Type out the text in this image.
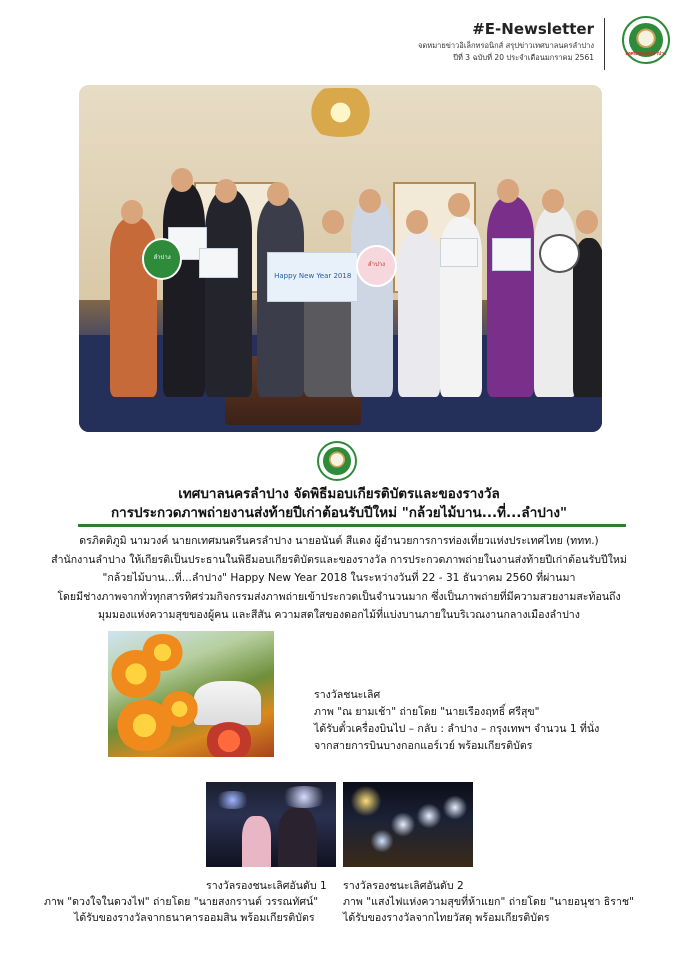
#E-Newsletter
จดหมายข่าวอิเล็กทรอนิกส์ สรุปข่าวเทศบาลนครลำปาง
ปีที่ 3 ฉบับที่ 20 ประจำเดือนมกราคม 2561	เทศบาลนครลำปาง
Happy New Year 2018
ลำปาง
ลำปาง
เทศบาลนครลำปาง จัดพิธีมอบเกียรติบัตรและของรางวัล
การประกวดภาพถ่ายงานส่งท้ายปีเก่าต้อนรับปีใหม่ "กล้วยไม้บาน...ที่...ลำปาง"
ดรภิตติภูมิ นามวงค์ นายกเทศมนตรีนครลำปาง นายอนันต์ สีแดง ผู้อำนวยการการท่องเที่ยวแห่งประเทศไทย (ททท.)
สำนักงานลำปาง ให้เกียรติเป็นประธานในพิธีมอบเกียรติบัตรและของรางวัล การประกวดภาพถ่ายในงานส่งท้ายปีเก่าต้อนรับปีใหม่
"กล้วยไม้บาน...ที่...ลำปาง" Happy New Year 2018 ในระหว่างวันที่ 22 - 31 ธันวาคม 2560 ที่ผ่านมา
โดยมีช่างภาพจากทั่วทุกสารทิศร่วมกิจกรรมส่งภาพถ่ายเข้าประกวดเป็นจำนวนมาก ซึ่งเป็นภาพถ่ายที่มีความสวยงามสะท้อนถึง
มุมมองแห่งความสุขของผู้คน และสีสัน ความสดใสของดอกไม้ที่แบ่งบานภายในบริเวณงานกลางเมืองลำปาง
รางวัลชนะเลิศ
ภาพ "ณ ยามเช้า" ถ่ายโดย "นายเรืองฤทธิ์ ศรีสุข"
ได้รับตั๋วเครื่องบินไป – กลับ : ลำปาง – กรุงเทพฯ จำนวน 1 ที่นั่ง
จากสายการบินบางกอกแอร์เวย์ พร้อมเกียรติบัตร
รางวัลรองชนะเลิศอันดับ 1
ภาพ "ดวงใจในดวงไฟ" ถ่ายโดย "นายสงกรานต์ วรรณทัศน์"
ได้รับของรางวัลจากธนาคารออมสิน พร้อมเกียรติบัตร
รางวัลรองชนะเลิศอันดับ 2
ภาพ "แสงไฟแห่งความสุขที่ห้าแยก" ถ่ายโดย "นายอนุชา ธิราช"
ได้รับของรางวัลจากไทยวัสดุ พร้อมเกียรติบัตร
